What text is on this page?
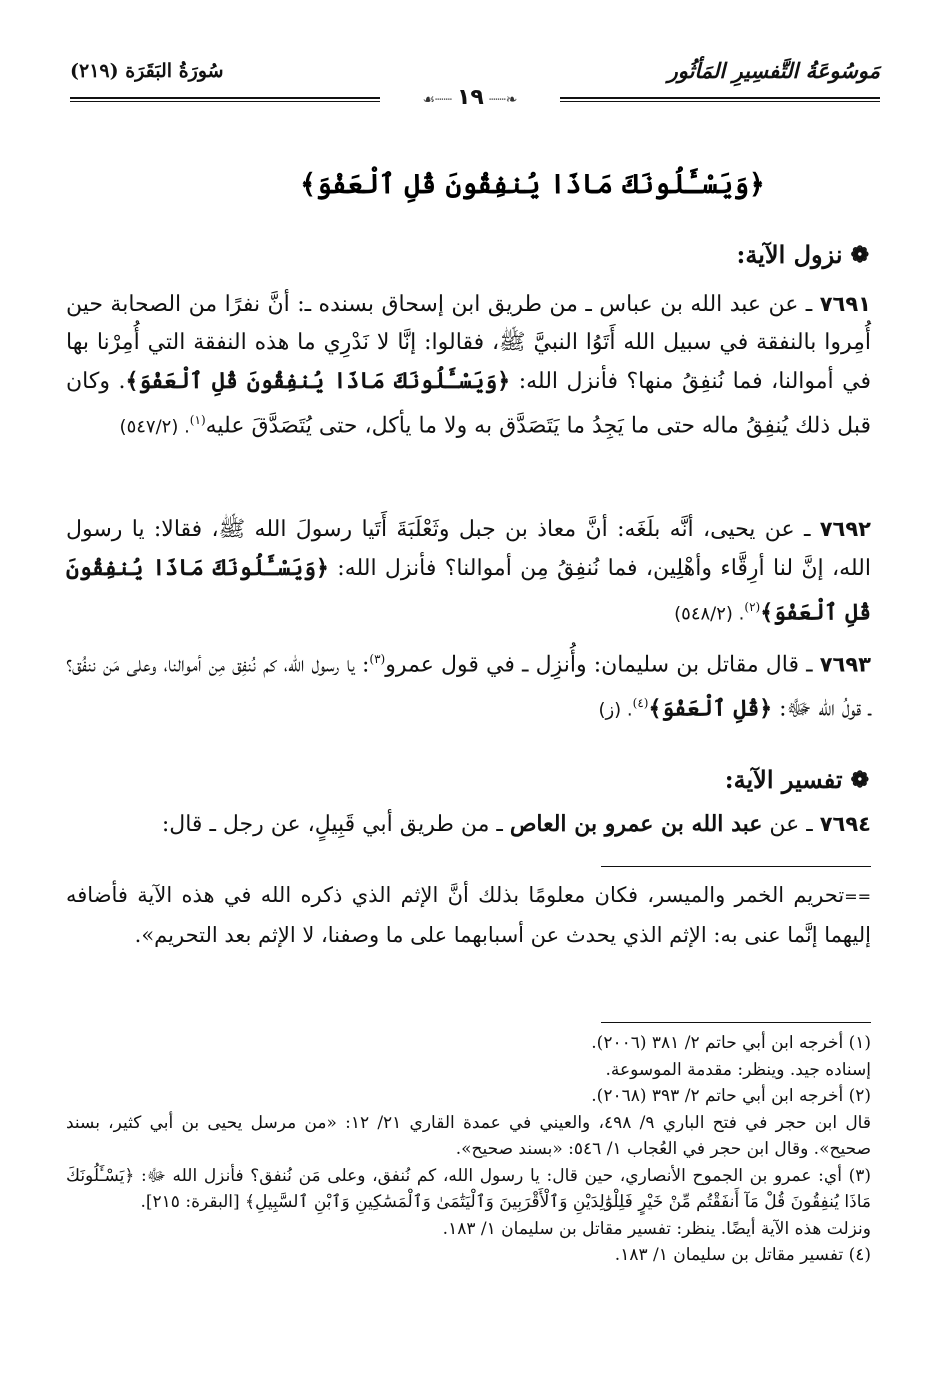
سُورَةُ البَقَرَة (٢١٩)	مَوسُوعَةُ التَّفسِيرِ المَأثُور
❧┈┈ ١٩ ┈┈☙
﴿وَيَسْـَٔلُونَكَ مَاذَا يُنفِقُونَ قُلِ ٱلْعَفْوَ﴾
❁
نزول الآية:
٧٦٩١ ـ عن عبد الله بن عباس ـ من طريق ابن إسحاق بسنده ـ: أنَّ نفرًا من الصحابة حين أُمِروا بالنفقة في سبيل الله أَتَوُا النبيَّ ﷺ، فقالوا: إنَّا لا نَدْرِي ما هذه النفقة التي أُمِرْنا بها في أموالنا، فما نُنفِقُ منها؟ فأنزل الله: ﴿وَيَسْـَٔلُونَكَ مَاذَا يُنفِقُونَ قُلِ ٱلْعَفْوَ﴾. وكان قبل ذلك يُنفِقُ ماله حتى ما يَجِدُ ما يَتَصَدَّق به ولا ما يأكل، حتى يُتَصَدَّقَ عليه$^{(١)}$. (٥٤٧/٢)
٧٦٩٢ ـ عن يحيى، أنَّه بلَغَه: أنَّ معاذ بن جبل وثَعْلَبَةَ أَتَيا رسولَ الله ﷺ، فقالا: يا رسول الله، إنَّ لنا أرِقَّاء وأهْلِين، فما نُنفِقُ مِن أموالنا؟ فأنزل الله: ﴿وَيَسْـَٔلُونَكَ مَاذَا يُنفِقُونَ قُلِ ٱلْعَفْوَ﴾$^{(٢)}$. (٥٤٨/٢)
٧٦٩٣ ـ قال مقاتل بن سليمان: وأُنزِل ـ في قول عمرو$^{(٣)}$: يا رسول الله، كم نُنفِق مِن أموالنا، وعلى مَن ننفُق؟ ـ قولُ الله ﷻ: ﴿قُلِ ٱلْعَفْوَ﴾$^{(٤)}$. (ز)
❁
تفسير الآية:
٧٦٩٤ ـ عن عبد الله بن عمرو بن العاص ـ من طريق أبي قَبِيلٍ، عن رجل ـ قال:
==تحريم الخمر والميسر، فكان معلومًا بذلك أنَّ الإثم الذي ذكره الله في هذه الآية فأضافه إليهما إنَّما عنى به: الإثم الذي يحدث عن أسبابهما على ما وصفنا، لا الإثم بعد التحريم».

(١) أخرجه ابن أبي حاتم ٢/ ٣٨١ (٢٠٠٦).

إسناده جيد. وينظر: مقدمة الموسوعة.

(٢) أخرجه ابن أبي حاتم ٢/ ٣٩٣ (٢٠٦٨).

قال ابن حجر في فتح الباري ٩/ ٤٩٨، والعيني في عمدة القاري ٢١/ ١٢: «من مرسل يحيى بن أبي كثير، بسند صحيح». وقال ابن حجر في العُجاب ١/ ٥٤٦: «بسند صحيح».

(٣) أي: عمرو بن الجموح الأنصاري، حين قال: يا رسول الله، كم نُنفق، وعلى مَن نُنفق؟ فأنزل الله ﷻ: ﴿يَسْـَٔلُونَكَ مَاذَا يُنفِقُونَ قُلْ مَآ أَنفَقْتُم مِّنْ خَيْرٍ فَلِلْوَٰلِدَيْنِ وَٱلْأَقْرَبِينَ وَٱلْيَتَٰمَىٰ وَٱلْمَسَٰكِينِ وَٱبْنِ ٱلسَّبِيلِ﴾ [البقرة: ٢١٥].

ونزلت هذه الآية أيضًا. ينظر: تفسير مقاتل بن سليمان ١/ ١٨٣.

(٤) تفسير مقاتل بن سليمان ١/ ١٨٣.
